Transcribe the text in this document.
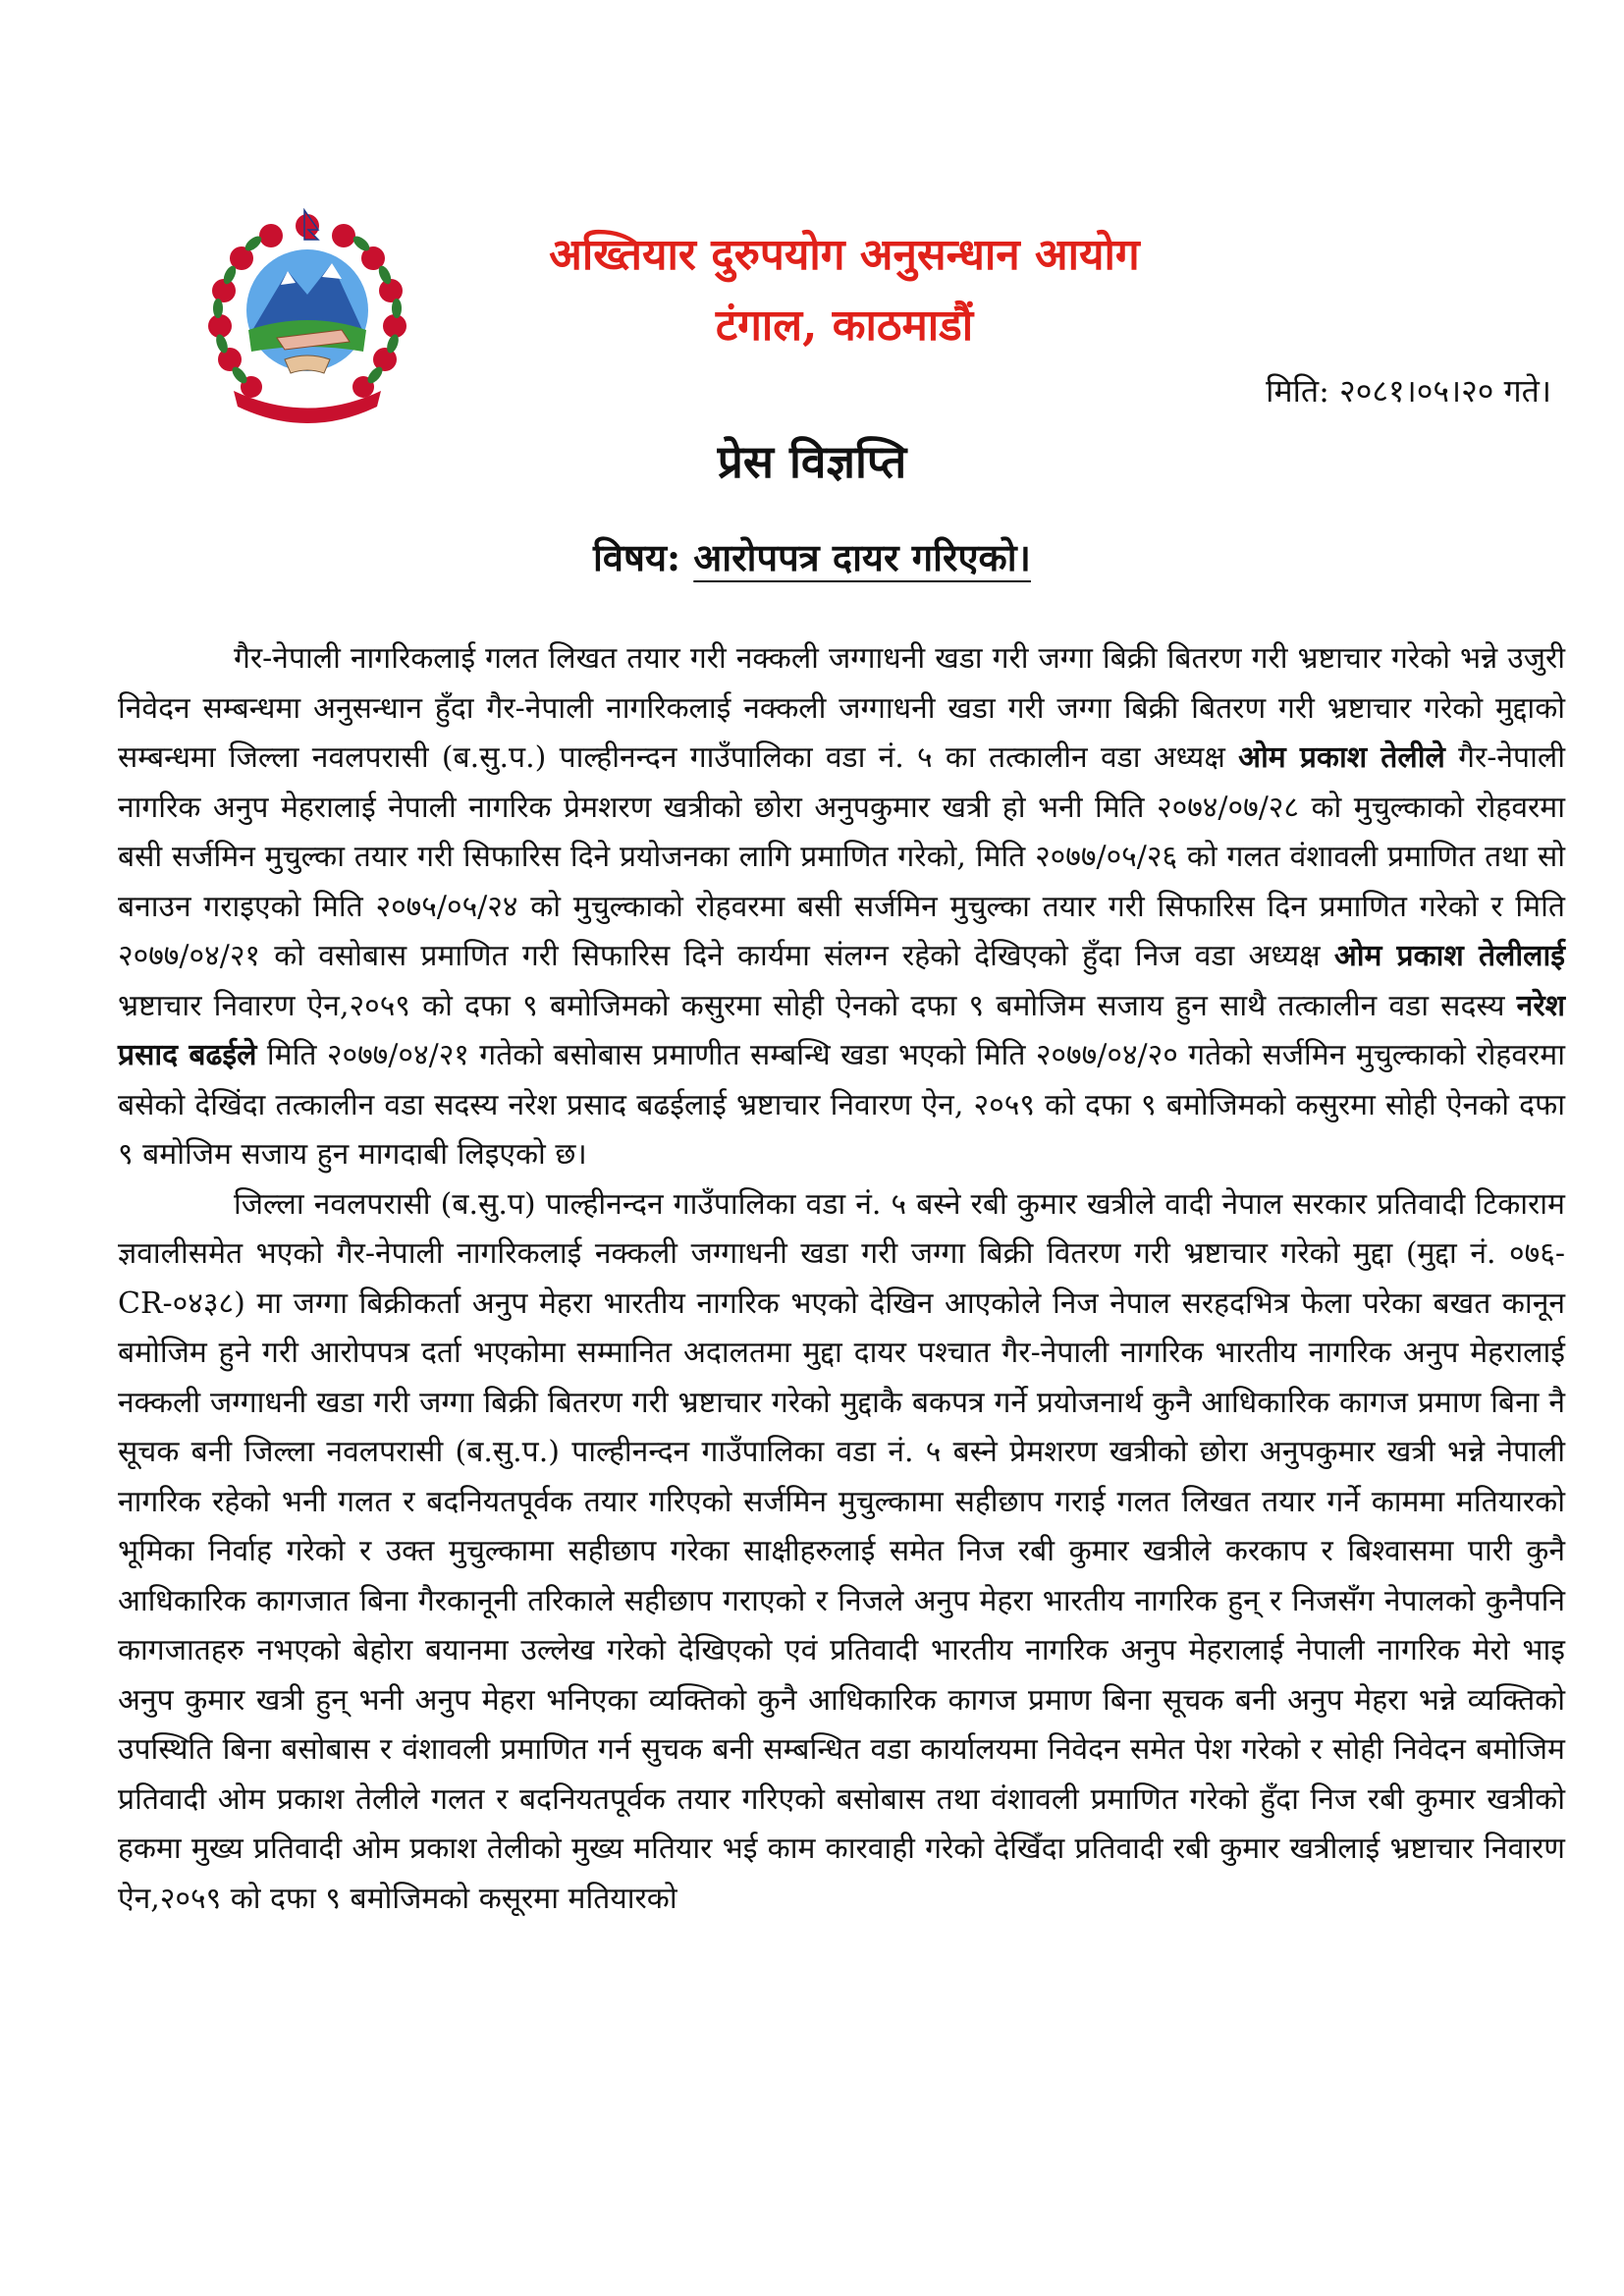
अख्तियार दुरुपयोग अनुसन्धान आयोग
टंगाल, काठमाडौं
मिति: २०८१।०५।२० गते।
प्रेस विज्ञप्ति
विषय: आरोपपत्र दायर गरिएको।

गैर-नेपाली नागरिकलाई गलत लिखत तयार गरी नक्कली जग्गाधनी खडा गरी जग्गा बिक्री बितरण गरी भ्रष्टाचार गरेको भन्ने उजुरी निवेदन सम्बन्धमा अनुसन्धान हुँदा गैर-नेपाली नागरिकलाई नक्कली जग्गाधनी खडा गरी जग्गा बिक्री बितरण गरी भ्रष्टाचार गरेको मुद्दाको सम्बन्धमा जिल्ला नवलपरासी (ब.सु.प.) पाल्हीनन्दन गाउँपालिका वडा नं. ५ का तत्कालीन वडा अध्यक्ष ओम प्रकाश तेलीले गैर-नेपाली नागरिक अनुप मेहरालाई नेपाली नागरिक प्रेमशरण खत्रीको छोरा अनुपकुमार खत्री हो भनी मिति २०७४/०७/२८ को मुचुल्काको रोहवरमा बसी सर्जमिन मुचुल्का तयार गरी सिफारिस दिने प्रयोजनका लागि प्रमाणित गरेको, मिति २०७७/०५/२६ को गलत वंशावली प्रमाणित तथा सो बनाउन गराइएको मिति २०७५/०५/२४ को मुचुल्काको रोहवरमा बसी सर्जमिन मुचुल्का तयार गरी सिफारिस दिन प्रमाणित गरेको र मिति २०७७/०४/२१ को वसोबास प्रमाणित गरी सिफारिस दिने कार्यमा संलग्न रहेको देखिएको हुँदा निज वडा अध्यक्ष ओम प्रकाश तेलीलाई भ्रष्टाचार निवारण ऐन,२०५९ को दफा ९ बमोजिमको कसुरमा सोही ऐनको दफा ९ बमोजिम सजाय हुन साथै तत्कालीन वडा सदस्य नरेश प्रसाद बढईले मिति २०७७/०४/२१ गतेको बसोबास प्रमाणीत सम्बन्धि खडा भएको मिति २०७७/०४/२० गतेको सर्जमिन मुचुल्काको रोहवरमा बसेको देखिंदा तत्कालीन वडा सदस्य नरेश प्रसाद बढईलाई भ्रष्टाचार निवारण ऐन, २०५९ को दफा ९ बमोजिमको कसुरमा सोही ऐनको दफा ९ बमोजिम सजाय हुन मागदाबी लिइएको छ।

जिल्ला नवलपरासी (ब.सु.प) पाल्हीनन्दन गाउँपालिका वडा नं. ५ बस्ने रबी कुमार खत्रीले वादी नेपाल सरकार प्रतिवादी टिकाराम ज्ञवालीसमेत भएको गैर-नेपाली नागरिकलाई नक्कली जग्गाधनी खडा गरी जग्गा बिक्री वितरण गरी भ्रष्टाचार गरेको मुद्दा (मुद्दा नं. ०७६-CR-०४३८) मा जग्गा बिक्रीकर्ता अनुप मेहरा भारतीय नागरिक भएको देखिन आएकोले निज नेपाल सरहदभित्र फेला परेका बखत कानून बमोजिम हुने गरी आरोपपत्र दर्ता भएकोमा सम्मानित अदालतमा मुद्दा दायर पश्चात गैर-नेपाली नागरिक भारतीय नागरिक अनुप मेहरालाई नक्कली जग्गाधनी खडा गरी जग्गा बिक्री बितरण गरी भ्रष्टाचार गरेको मुद्दाकै बकपत्र गर्ने प्रयोजनार्थ कुनै आधिकारिक कागज प्रमाण बिना नै सूचक बनी जिल्ला नवलपरासी (ब.सु.प.) पाल्हीनन्दन गाउँपालिका वडा नं. ५ बस्ने प्रेमशरण खत्रीको छोरा अनुपकुमार खत्री भन्ने नेपाली नागरिक रहेको भनी गलत र बदनियतपूर्वक तयार गरिएको सर्जमिन मुचुल्कामा सहीछाप गराई गलत लिखत तयार गर्ने काममा मतियारको भूमिका निर्वाह गरेको र उक्त मुचुल्कामा सहीछाप गरेका साक्षीहरुलाई समेत निज रबी कुमार खत्रीले करकाप र बिश्वासमा पारी कुनै आधिकारिक कागजात बिना गैरकानूनी तरिकाले सहीछाप गराएको र निजले अनुप मेहरा भारतीय नागरिक हुन् र निजसँग नेपालको कुनैपनि कागजातहरु नभएको बेहोरा बयानमा उल्लेख गरेको देखिएको एवं प्रतिवादी भारतीय नागरिक अनुप मेहरालाई नेपाली नागरिक मेरो भाइ अनुप कुमार खत्री हुन् भनी अनुप मेहरा भनिएका व्यक्तिको कुनै आधिकारिक कागज प्रमाण बिना सूचक बनी अनुप मेहरा भन्ने व्यक्तिको उपस्थिति बिना बसोबास र वंशावली प्रमाणित गर्न सुचक बनी सम्बन्धित वडा कार्यालयमा निवेदन समेत पेश गरेको र सोही निवेदन बमोजिम प्रतिवादी ओम प्रकाश तेलीले गलत र बदनियतपूर्वक तयार गरिएको बसोबास तथा वंशावली प्रमाणित गरेको हुँदा निज रबी कुमार खत्रीको हकमा मुख्य प्रतिवादी ओम प्रकाश तेलीको मुख्य मतियार भई काम कारवाही गरेको देखिँदा प्रतिवादी रबी कुमार खत्रीलाई भ्रष्टाचार निवारण ऐन,२०५९ को दफा ९ बमोजिमको कसूरमा मतियारको
